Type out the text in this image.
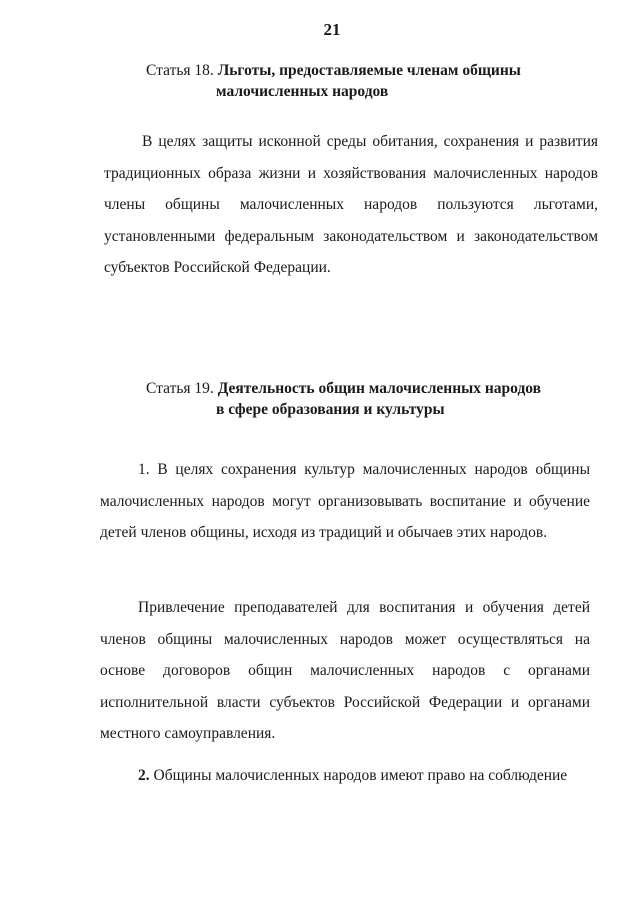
21
Статья 18. Льготы, предоставляемые членам общины
малочисленных народов

В целях защиты исконной среды обитания, сохранения и развития традиционных образа жизни и хозяйствования малочисленных народов члены общины малочисленных народов пользуются льготами, установленными федеральным законодательством и законодательством субъектов Российской Федерации.

Статья 19. Деятельность общин малочисленных народов
в сфере образования и культуры

1. В целях сохранения культур малочисленных народов общины малочисленных народов могут организовывать воспитание и обучение детей членов общины, исходя из традиций и обычаев этих народов.

Привлечение преподавателей для воспитания и обучения детей членов общины малочисленных народов может осуществляться на основе договоров общин малочисленных народов с органами исполнительной власти субъектов Российской Федерации и органами местного самоуправления.

2. Общины малочисленных народов имеют право на соблюдение
